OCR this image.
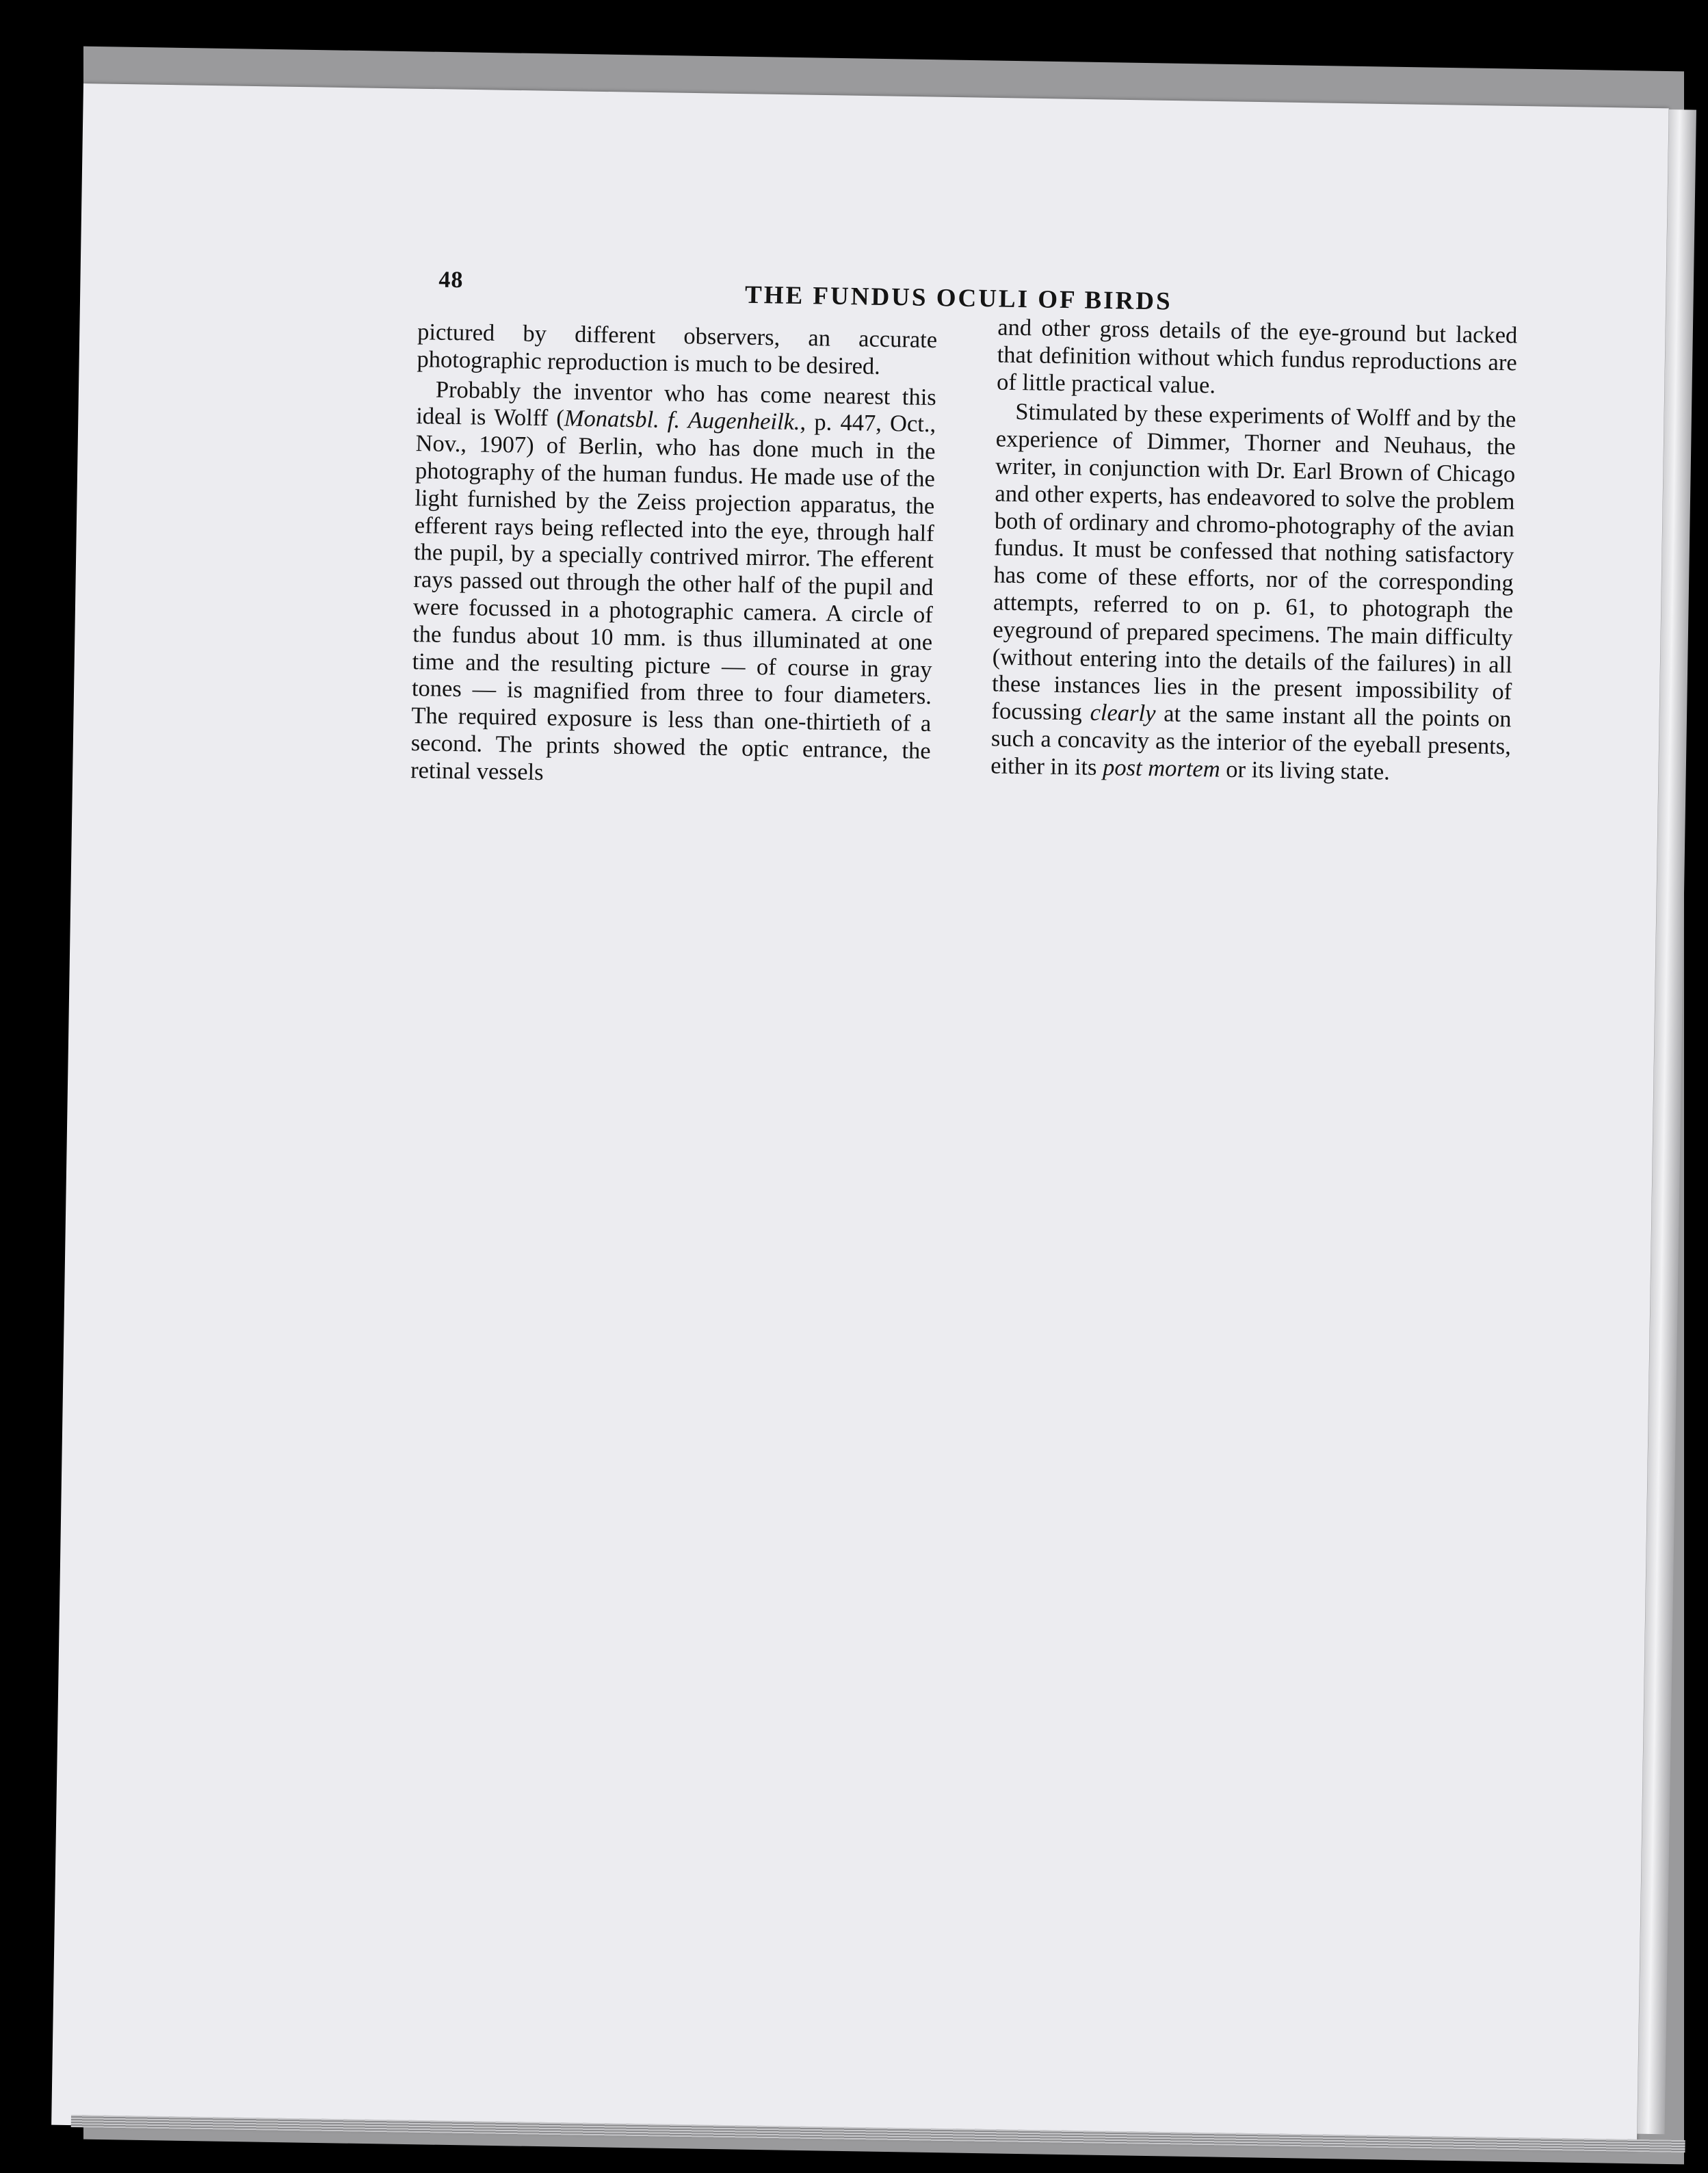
48
THE FUNDUS OCULI OF BIRDS

pictured by different observers, an accurate photographic reproduction is much to be desired.

Probably the inventor who has come nearest this ideal is Wolff (Monatsbl. f. Augenheilk., p. 447, Oct., Nov., 1907) of Berlin, who has done much in the photography of the human fundus. He made use of the light furnished by the Zeiss projection apparatus, the efferent rays being reflected into the eye, through half the pupil, by a specially contrived mirror. The efferent rays passed out through the other half of the pupil and were focussed in a photographic camera. A circle of the fundus about 10 mm. is thus illuminated at one time and the resulting picture — of course in gray tones — is magnified from three to four diameters. The required exposure is less than one-thirtieth of a second. The prints showed the optic entrance, the retinal vessels

and other gross details of the eye-ground but lacked that definition without which fundus reproductions are of little practical value.

Stimulated by these experiments of Wolff and by the experience of Dimmer, Thorner and Neuhaus, the writer, in conjunction with Dr. Earl Brown of Chicago and other experts, has endeavored to solve the problem both of ordinary and chromo-photography of the avian fundus. It must be confessed that nothing satisfactory has come of these efforts, nor of the corresponding attempts, referred to on p. 61, to photograph the eyeground of prepared specimens. The main difficulty (without entering into the details of the failures) in all these instances lies in the present impossibility of focussing clearly at the same instant all the points on such a concavity as the interior of the eyeball presents, either in its post mortem or its living state.
